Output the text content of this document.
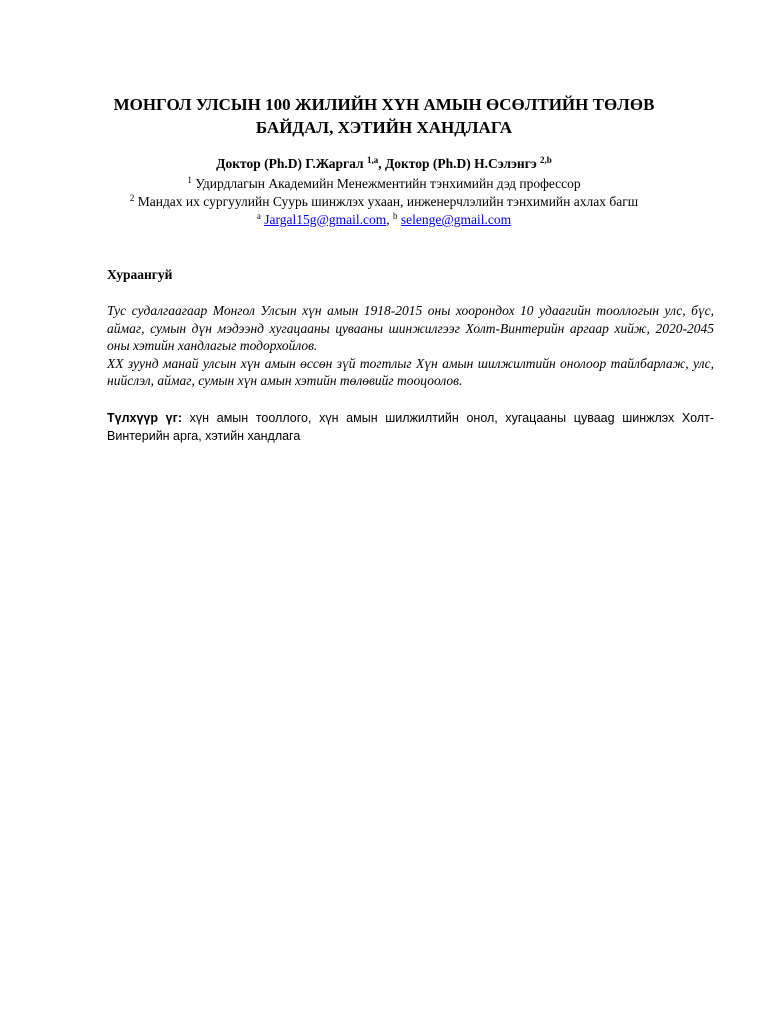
МОНГОЛ УЛСЫН 100 ЖИЛИЙН ХҮН АМЫН ӨСӨЛТИЙН ТӨЛӨВ БАЙДАЛ, ХЭТИЙН ХАНДЛАГА
Доктор (Ph.D) Г.Жаргал $^{1,a}$, Доктор (Ph.D) Н.Сэлэнгэ $^{2,b}$
$^1$ Удирдлагын Академийн Менежментийн тэнхимийн дэд профессор
$^2$ Мандах их сургуулийн Суурь шинжлэх ухаан, инженерчлэлийн тэнхимийн ахлах багш
$^a$ Jargal15g@gmail.com, $^b$ selenge@gmail.com
Хураангуй

Тус судалгаагаар Монгол Улсын хүн амын 1918-2015 оны хоорондох 10 удаагийн тооллогын улс, бүс, аймаг, сумын дүн мэдээнд хугацааны цувааны шинжилгээг Холт-Винтерийн аргаар хийж, 2020-2045 оны хэтийн хандлагыг тодорхойлов.

XX зуунд манай улсын хүн амын өссөн зүй тогтлыг Хүн амын шилжилтийн онолоор тайлбарлаж, улс, нийслэл, аймаг, сумын хүн амын хэтийн төлөвийг тооцоолов.

Түлхүүр үг: хүн амын тооллого, хүн амын шилжилтийн онол, хугацааны цуваag шинжлэх Холт-Винтерийн арга, хэтийн хандлага
